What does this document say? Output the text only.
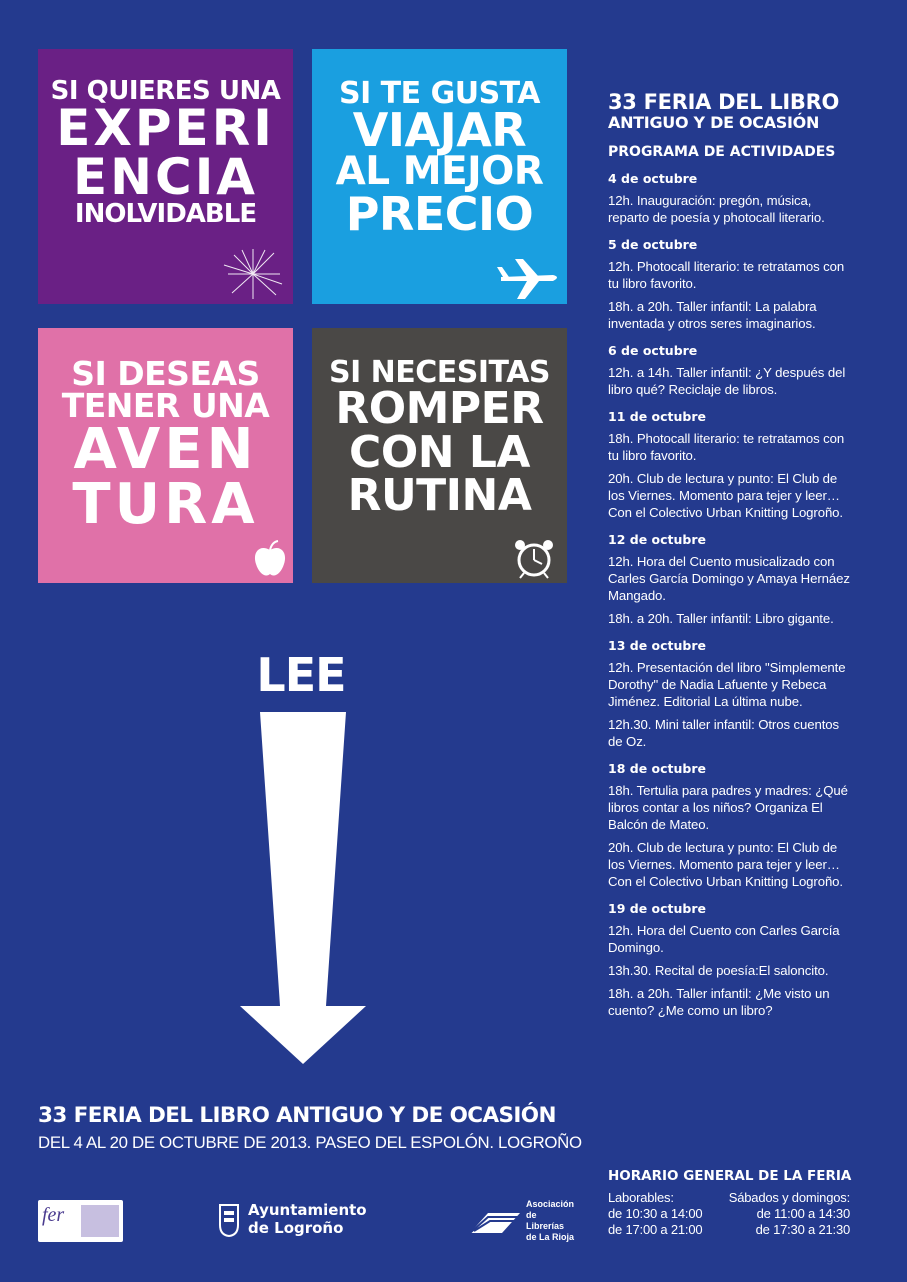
SI QUIERES UNA
EXPERI
ENCIA
INOLVIDABLE
SI TE GUSTA
VIAJAR
AL MEJOR
PRECIO
SI DESEAS
TENER UNA
AVEN
TURA
SI NECESITAS
ROMPER
CON LA
RUTINA
LEE
33 FERIA DEL LIBRO ANTIGUO Y DE OCASIÓN
DEL 4 AL 20 DE OCTUBRE DE 2013. PASEO DEL ESPOLÓN. LOGROÑO
fer	Ayuntamiento
de Logroño
Asociación
de Librerías
de La Rioja
33 FERIA DEL LIBRO
ANTIGUO Y DE OCASIÓN
PROGRAMA DE ACTIVIDADES
4 de octubre
12h. Inauguración: pregón, música, reparto de poesía y photocall literario.
5 de octubre
12h. Photocall literario: te retratamos con tu libro favorito.
18h. a 20h. Taller infantil: La palabra inventada y otros seres imaginarios.
6 de octubre
12h. a 14h. Taller infantil: ¿Y después del libro qué? Reciclaje de libros.
11 de octubre
18h. Photocall literario: te retratamos con tu libro favorito.
20h. Club de lectura y punto: El Club de los Viernes. Momento para tejer y leer… Con el Colectivo Urban Knitting Logroño.
12 de octubre
12h. Hora del Cuento musicalizado con Carles García Domingo y Amaya Hernáez Mangado.
18h. a 20h. Taller infantil: Libro gigante.
13 de octubre
12h. Presentación del libro "Simplemente Dorothy" de Nadia Lafuente y Rebeca Jiménez. Editorial La última nube.
12h.30. Mini taller infantil: Otros cuentos de Oz.
18 de octubre
18h. Tertulia para padres y madres: ¿Qué libros contar a los niños? Organiza El Balcón de Mateo.
20h. Club de lectura y punto: El Club de los Viernes. Momento para tejer y leer… Con el Colectivo Urban Knitting Logroño.
19 de octubre
12h. Hora del Cuento con Carles García Domingo.
13h.30. Recital de poesía:El saloncito.
18h. a 20h. Taller infantil: ¿Me visto un cuento? ¿Me como un libro?
HORARIO GENERAL DE LA FERIA
Laborables:	Sábados y domingos:
de 10:30 a 14:00	de 11:00 a 14:30
de 17:00 a 21:00	de 17:30 a 21:30
